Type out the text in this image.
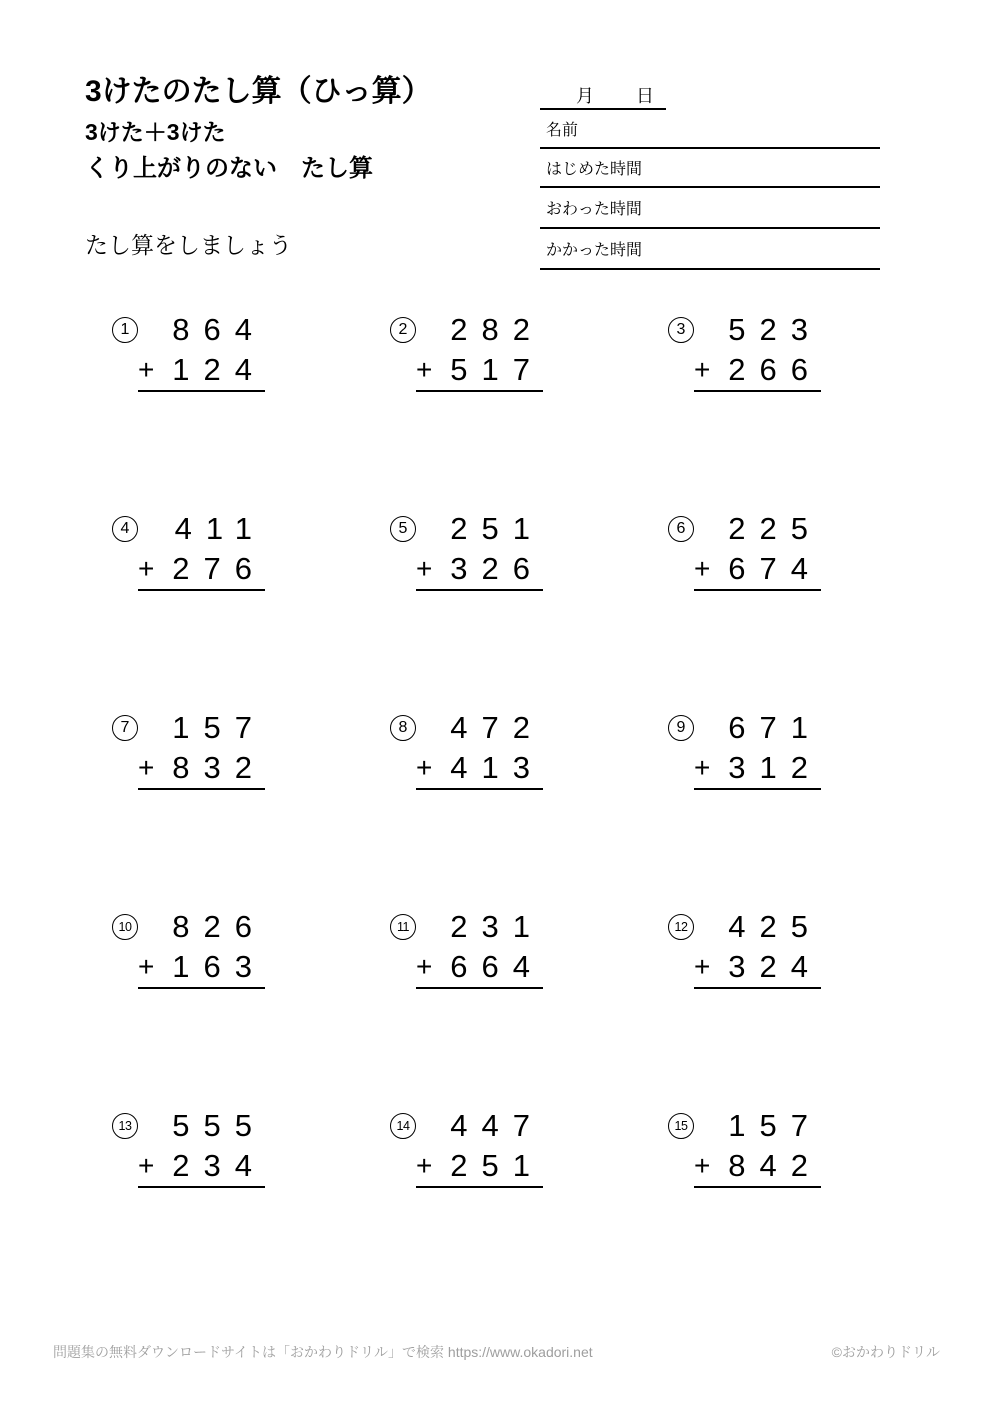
3けたのたし算（ひっ算）
3けた＋3けた
くり上がりのない　たし算
たし算をしましょう
月 日
名前
はじめた時間
おわった時間
かかった時間
1	864
+ 124
2	282
+ 517
3	523
+ 266
4	411
+ 276
5	251
+ 326
6	225
+ 674
7	157
+ 832
8	472
+ 413
9	671
+ 312
10	826
+ 163
11	231
+ 664
12	425
+ 324
13	555
+ 234
14	447
+ 251
15	157
+ 842
問題集の無料ダウンロードサイトは「おかわりドリル」で検索 https://www.okadori.net	©おかわりドリル
